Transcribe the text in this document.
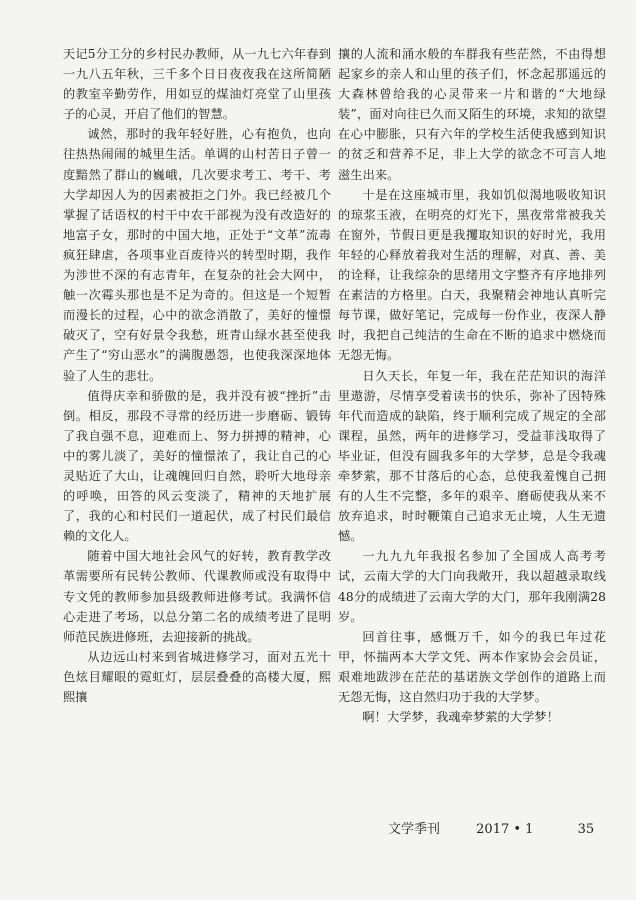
天记5分工分的乡村民办教师，从一九七六年春到一九八五年秋，三千多个日日夜夜我在这所简陋的教室辛勤劳作，用如豆的煤油灯亮堂了山里孩子的心灵，开启了他们的智慧。

诚然，那时的我年轻好胜，心有抱负，也向往热热闹闹的城里生活。单调的山村苦日子曾一度黯然了群山的巍峨，几次要求考工、考干、考大学却因人为的因素被拒之门外。我已经被几个掌握了话语权的村干中农干部视为没有改造好的地富子女，那时的中国大地，正处于“文革”流毒疯狂肆虐，各项事业百废待兴的转型时期，我作为涉世不深的有志青年，在复杂的社会大网中，触一次霉头那也是不足为奇的。但这是一个短暂而漫长的过程，心中的欲念消散了，美好的憧憬破灭了，空有好景令我愁，班青山绿水甚至使我产生了“穷山恶水”的满腹愚怨，也使我深深地体验了人生的悲壮。

值得庆幸和骄傲的是，我并没有被“挫折”击倒。相反，那段不寻常的经历进一步磨砺、锻铸了我自强不息，迎难而上、努力拼搏的精神，心中的雾儿淡了，美好的憧憬浓了，我让自己的心灵贴近了大山，让魂魄回归自然，聆听大地母亲的呼唤，田答的风云变淡了，精神的天地扩展了，我的心和村民们一道起伏，成了村民们最信赖的文化人。

随着中国大地社会风气的好转，教育教学改革需要所有民转公教师、代课教师或没有取得中专文凭的教师参加县级教师进修考试。我满怀信心走进了考场，以总分第二名的成绩考进了昆明师范民族进修班，去迎接新的挑战。

从边远山村来到省城进修学习，面对五光十色炫目耀眼的霓虹灯，层层叠叠的高楼大厦，熙熙攘

攘的人流和涌水般的车群我有些茫然，不由得想起家乡的亲人和山里的孩子们，怀念起那遥远的大森林曾给我的心灵带来一片和谐的“大地绿装”，面对向往已久而又陌生的环境，求知的欲望在心中膨胀，只有六年的学校生活使我感到知识的贫乏和营养不足，非上大学的欲念不可言人地滋生出来。

十是在这座城市里，我如饥似渴地吸收知识的琼浆玉液，在明亮的灯光下，黑夜常常被我关在窗外，节假日更是我攫取知识的好时光，我用年轻的心释放着我对生活的理解，对真、善、美的诠释，让我综杂的思绪用文字整齐有序地排列在素洁的方格里。白天，我聚精会神地认真听完每节课，做好笔记，完成每一份作业，夜深人静时，我把自己纯洁的生命在不断的追求中燃烧而无怨无悔。

日久天长，年复一年，我在茫茫知识的海洋里遨游，尽情享受着读书的快乐，弥补了因特殊年代而造成的缺陷，终于顺利完成了规定的全部课程，虽然，两年的进修学习，受益菲浅取得了毕业证，但没有圆我多年的大学梦，总是令我魂牵梦萦，那不甘落后的心态，总使我羞愧自己拥有的人生不完整，多年的艰辛、磨砺使我从来不放弃追求，时时鞭策自己追求无止境，人生无遗憾。

一九九九年我报名参加了全国成人高考考试，云南大学的大门向我敞开，我以超越录取线48分的成绩进了云南大学的大门，那年我刚满28岁。

回首往事，感慨万千，如今的我已年过花甲，怀揣两本大学文凭、两本作家协会会员证，艰难地跋涉在茫茫的基诺族文学创作的道路上而无怨无悔，这自然归功于我的大学梦。

啊！大学梦，我魂牵梦萦的大学梦！

文学季刊	2017 • 1	35
